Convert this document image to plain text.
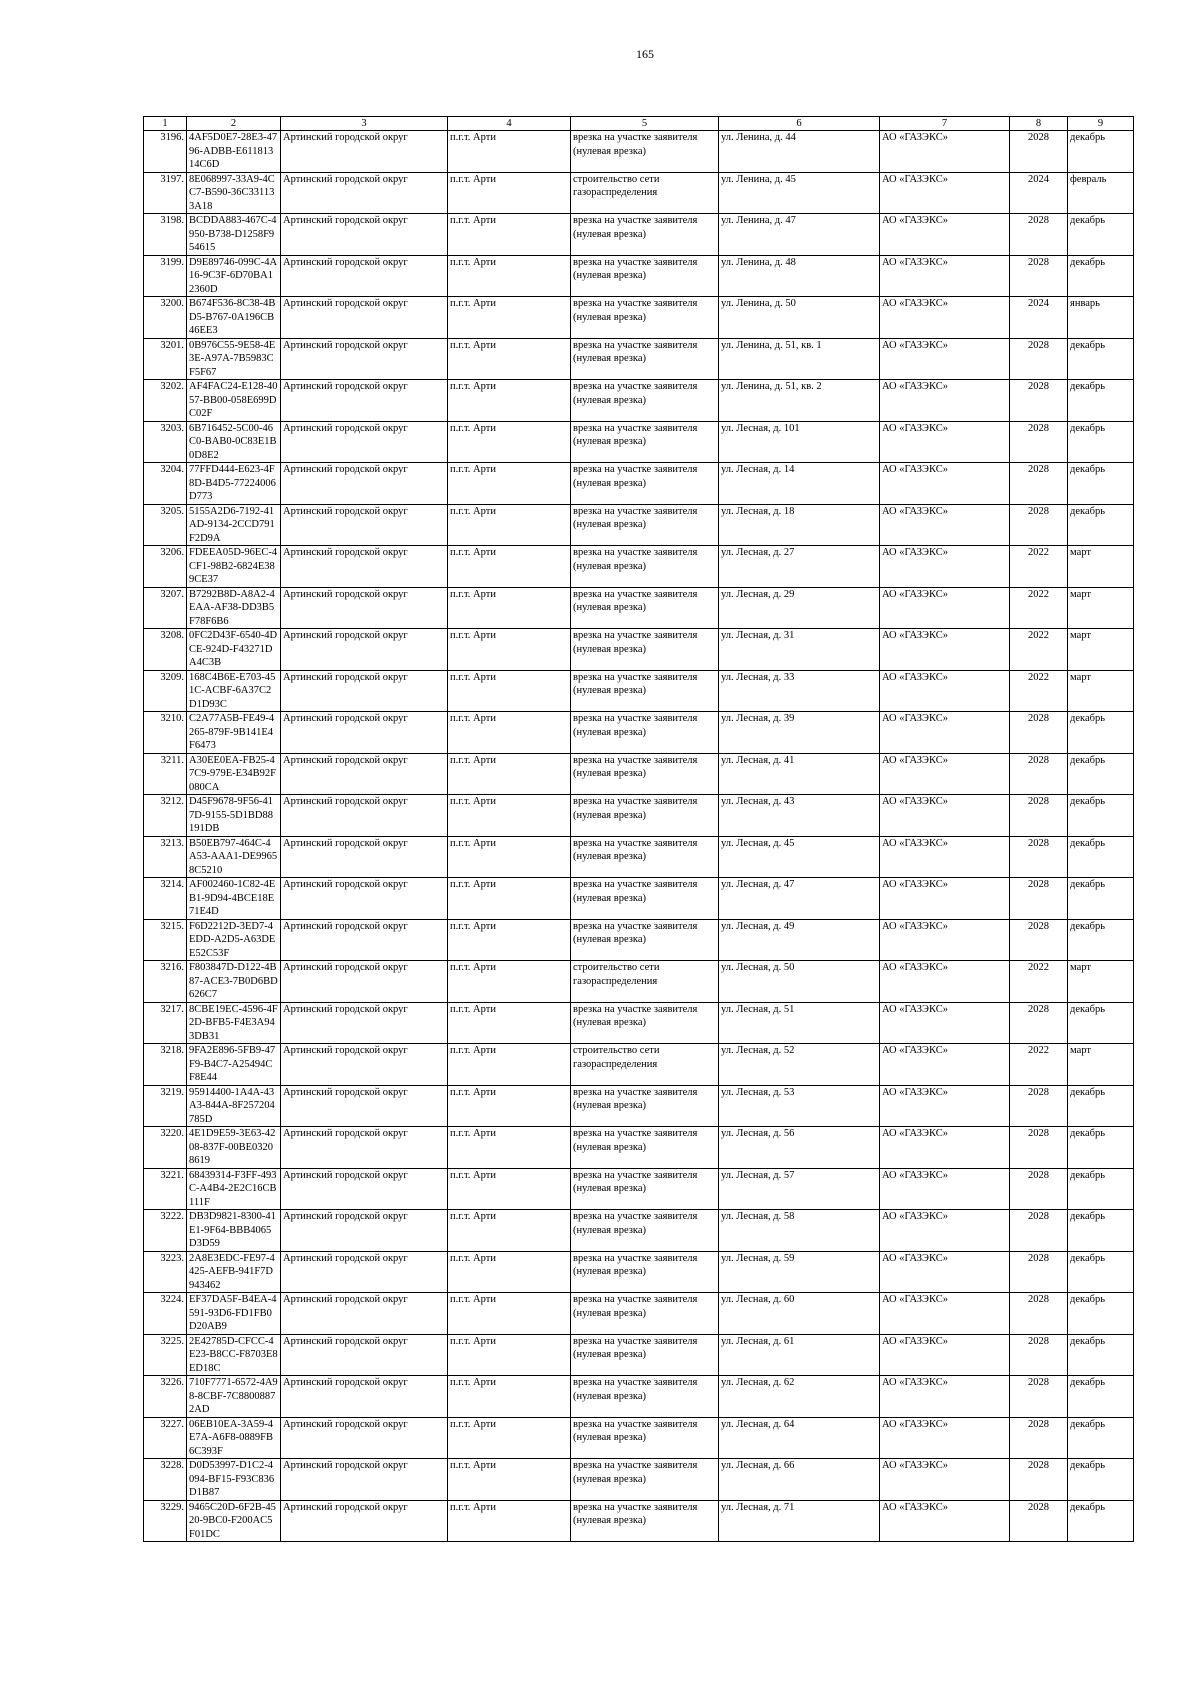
165
1	2	3	4	5	6	7	8	9
3196.	4AF5D0E7-28E3-4796-ADBB-E61181314C6D	Артинский городской округ	п.г.т. Арти	врезка на участке заявителя (нулевая врезка)	ул. Ленина, д. 44	АО «ГАЗЭКС»	2028	декабрь
3197.	8E068997-33A9-4CC7-B590-36C331133A18	Артинский городской округ	п.г.т. Арти	строительство сети газораспределения	ул. Ленина, д. 45	АО «ГАЗЭКС»	2024	февраль
3198.	BCDDA883-467C-4950-B738-D1258F954615	Артинский городской округ	п.г.т. Арти	врезка на участке заявителя (нулевая врезка)	ул. Ленина, д. 47	АО «ГАЗЭКС»	2028	декабрь
3199.	D9E89746-099C-4A16-9C3F-6D70BA12360D	Артинский городской округ	п.г.т. Арти	врезка на участке заявителя (нулевая врезка)	ул. Ленина, д. 48	АО «ГАЗЭКС»	2028	декабрь
3200.	B674F536-8C38-4BD5-B767-0A196CB46EE3	Артинский городской округ	п.г.т. Арти	врезка на участке заявителя (нулевая врезка)	ул. Ленина, д. 50	АО «ГАЗЭКС»	2024	январь
3201.	0B976C55-9E58-4E3E-A97A-7B5983CF5F67	Артинский городской округ	п.г.т. Арти	врезка на участке заявителя (нулевая врезка)	ул. Ленина, д. 51, кв. 1	АО «ГАЗЭКС»	2028	декабрь
3202.	AF4FAC24-E128-4057-BB00-058E699DC02F	Артинский городской округ	п.г.т. Арти	врезка на участке заявителя (нулевая врезка)	ул. Ленина, д. 51, кв. 2	АО «ГАЗЭКС»	2028	декабрь
3203.	6B716452-5C00-46C0-BAB0-0C83E1B0D8E2	Артинский городской округ	п.г.т. Арти	врезка на участке заявителя (нулевая врезка)	ул. Лесная, д. 101	АО «ГАЗЭКС»	2028	декабрь
3204.	77FFD444-E623-4F8D-B4D5-77224006D773	Артинский городской округ	п.г.т. Арти	врезка на участке заявителя (нулевая врезка)	ул. Лесная, д. 14	АО «ГАЗЭКС»	2028	декабрь
3205.	5155A2D6-7192-41AD-9134-2CCD791F2D9A	Артинский городской округ	п.г.т. Арти	врезка на участке заявителя (нулевая врезка)	ул. Лесная, д. 18	АО «ГАЗЭКС»	2028	декабрь
3206.	FDEEA05D-96EC-4CF1-98B2-6824E389CE37	Артинский городской округ	п.г.т. Арти	врезка на участке заявителя (нулевая врезка)	ул. Лесная, д. 27	АО «ГАЗЭКС»	2022	март
3207.	B7292B8D-A8A2-4EAA-AF38-DD3B5F78F6B6	Артинский городской округ	п.г.т. Арти	врезка на участке заявителя (нулевая врезка)	ул. Лесная, д. 29	АО «ГАЗЭКС»	2022	март
3208.	0FC2D43F-6540-4DCE-924D-F43271DA4C3B	Артинский городской округ	п.г.т. Арти	врезка на участке заявителя (нулевая врезка)	ул. Лесная, д. 31	АО «ГАЗЭКС»	2022	март
3209.	168C4B6E-E703-451C-ACBF-6A37C2D1D93C	Артинский городской округ	п.г.т. Арти	врезка на участке заявителя (нулевая врезка)	ул. Лесная, д. 33	АО «ГАЗЭКС»	2022	март
3210.	C2A77A5B-FE49-4265-879F-9B141E4F6473	Артинский городской округ	п.г.т. Арти	врезка на участке заявителя (нулевая врезка)	ул. Лесная, д. 39	АО «ГАЗЭКС»	2028	декабрь
3211.	A30EE0EA-FB25-47C9-979E-E34B92F080CA	Артинский городской округ	п.г.т. Арти	врезка на участке заявителя (нулевая врезка)	ул. Лесная, д. 41	АО «ГАЗЭКС»	2028	декабрь
3212.	D45F9678-9F56-417D-9155-5D1BD88191DB	Артинский городской округ	п.г.т. Арти	врезка на участке заявителя (нулевая врезка)	ул. Лесная, д. 43	АО «ГАЗЭКС»	2028	декабрь
3213.	B50EB797-464C-4A53-AAA1-DE99658C5210	Артинский городской округ	п.г.т. Арти	врезка на участке заявителя (нулевая врезка)	ул. Лесная, д. 45	АО «ГАЗЭКС»	2028	декабрь
3214.	AF002460-1C82-4EB1-9D94-4BCE18E71E4D	Артинский городской округ	п.г.т. Арти	врезка на участке заявителя (нулевая врезка)	ул. Лесная, д. 47	АО «ГАЗЭКС»	2028	декабрь
3215.	F6D2212D-3ED7-4EDD-A2D5-A63DEE52C53F	Артинский городской округ	п.г.т. Арти	врезка на участке заявителя (нулевая врезка)	ул. Лесная, д. 49	АО «ГАЗЭКС»	2028	декабрь
3216.	F803847D-D122-4B87-ACE3-7B0D6BD626C7	Артинский городской округ	п.г.т. Арти	строительство сети газораспределения	ул. Лесная, д. 50	АО «ГАЗЭКС»	2022	март
3217.	8CBE19EC-4596-4F2D-BFB5-F4E3A943DB31	Артинский городской округ	п.г.т. Арти	врезка на участке заявителя (нулевая врезка)	ул. Лесная, д. 51	АО «ГАЗЭКС»	2028	декабрь
3218.	9FA2E896-5FB9-47F9-B4C7-A25494CF8E44	Артинский городской округ	п.г.т. Арти	строительство сети газораспределения	ул. Лесная, д. 52	АО «ГАЗЭКС»	2022	март
3219.	95914400-1A4A-43A3-844A-8F257204785D	Артинский городской округ	п.г.т. Арти	врезка на участке заявителя (нулевая врезка)	ул. Лесная, д. 53	АО «ГАЗЭКС»	2028	декабрь
3220.	4E1D9E59-3E63-4208-837F-00BE03208619	Артинский городской округ	п.г.т. Арти	врезка на участке заявителя (нулевая врезка)	ул. Лесная, д. 56	АО «ГАЗЭКС»	2028	декабрь
3221.	68439314-F3FF-493C-A4B4-2E2C16CB111F	Артинский городской округ	п.г.т. Арти	врезка на участке заявителя (нулевая врезка)	ул. Лесная, д. 57	АО «ГАЗЭКС»	2028	декабрь
3222.	DB3D9821-8300-41E1-9F64-BBB4065D3D59	Артинский городской округ	п.г.т. Арти	врезка на участке заявителя (нулевая врезка)	ул. Лесная, д. 58	АО «ГАЗЭКС»	2028	декабрь
3223.	2A8E3EDC-FE97-4425-AEFB-941F7D943462	Артинский городской округ	п.г.т. Арти	врезка на участке заявителя (нулевая врезка)	ул. Лесная, д. 59	АО «ГАЗЭКС»	2028	декабрь
3224.	EF37DA5F-B4EA-4591-93D6-FD1FB0D20AB9	Артинский городской округ	п.г.т. Арти	врезка на участке заявителя (нулевая врезка)	ул. Лесная, д. 60	АО «ГАЗЭКС»	2028	декабрь
3225.	2E42785D-CFCC-4E23-B8CC-F8703E8ED18C	Артинский городской округ	п.г.т. Арти	врезка на участке заявителя (нулевая врезка)	ул. Лесная, д. 61	АО «ГАЗЭКС»	2028	декабрь
3226.	710F7771-6572-4A98-8CBF-7C88008872AD	Артинский городской округ	п.г.т. Арти	врезка на участке заявителя (нулевая врезка)	ул. Лесная, д. 62	АО «ГАЗЭКС»	2028	декабрь
3227.	06EB10EA-3A59-4E7A-A6F8-0889FB6C393F	Артинский городской округ	п.г.т. Арти	врезка на участке заявителя (нулевая врезка)	ул. Лесная, д. 64	АО «ГАЗЭКС»	2028	декабрь
3228.	D0D53997-D1C2-4094-BF15-F93C836D1B87	Артинский городской округ	п.г.т. Арти	врезка на участке заявителя (нулевая врезка)	ул. Лесная, д. 66	АО «ГАЗЭКС»	2028	декабрь
3229.	9465C20D-6F2B-4520-9BC0-F200AC5F01DC	Артинский городской округ	п.г.т. Арти	врезка на участке заявителя (нулевая врезка)	ул. Лесная, д. 71	АО «ГАЗЭКС»	2028	декабрь
